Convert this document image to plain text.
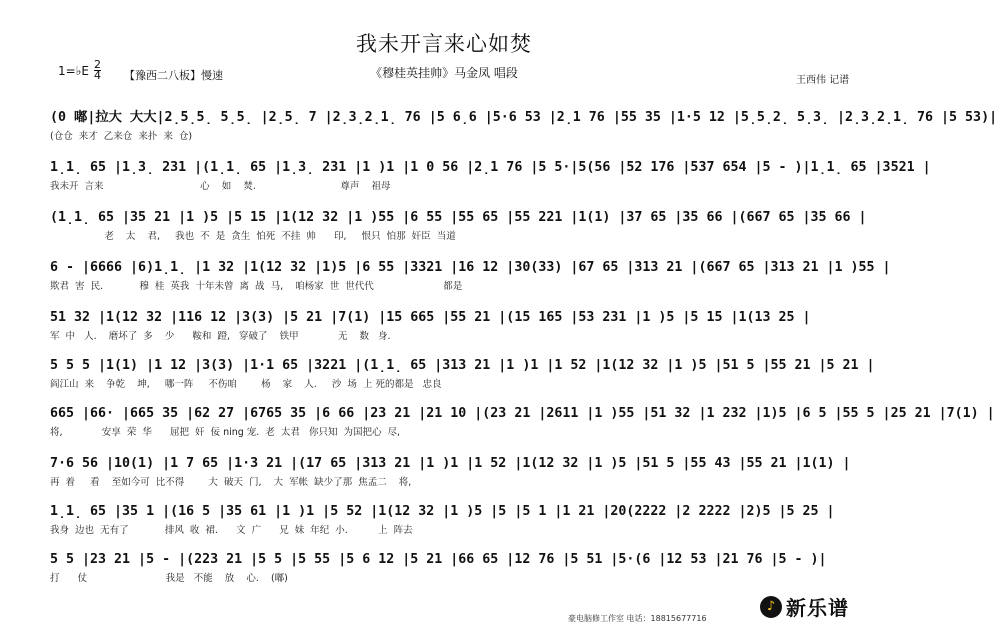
我未开言来心如焚
《穆桂英挂帅》马金凤 唱段
1=♭E $\frac{2}{4}$ 【豫西二八板】慢速	王西伟 记谱
(0 嘟|拉大 大大|2̣5̣5̣ 5̣5̣ |2̣5̣ 7 |2̣3̣2̣1̣ 76 |5 6̣6 |5·6 53 |2̣1 76 |55 35 |1·5 12 |5̣5̣2̣ 5̣3̣ |2̣3̣2̣1̣ 76 |5 53)|
(仓仓  来才  乙来仓  来扑  来  仓)
1̣1̣ 65 |1̣3̣ 231 |(1̣1̣ 65 |1̣3̣ 231 |1 )1 |1 0 56 |2̣1 76 |5 5·|5(56 |52 176 |537 654 |5 - )|1̣1̣ 65 |3521 |
我未开  言来                                心    如    焚.                            尊声    祖母
(1̣1̣ 65 |35 21 |1 )5 |5 15 |1(12 32 |1 )55 |6 55 |55 65 |55 221 |1(1) |37 65 |35 66 |(667 65 |35 66 |
老    太    君,     我也  不  是  贪生  怕死  不挂  帅      印,     恨只  怕那  奸臣  当道
6 - |6666 |6)1̣1̣ |1 32 |1(12 32 |1)5 |6 55 |3321 |16 12 |30(33) |67 65 |313 21 |(667 65 |313 21 |1 )55 |
欺君  害  民.            穆  桂  英我  十年未曾  离  战  马,    咱杨家  世  世代代                       都是
51 32 |1(12 32 |116 12 |3(3) |5 21 |7(1) |15 665 |55 21 |(15 165 |53 231 |1 )5 |5 15 |1(13 25 |
军  中   人.    磨坏了  多    少      鞍和  蹬,   穿破了    铁甲             无    数   身.
5 5 5 |1(1) |1 12 |3(3) |1·1 65 |3221 |(1̣1̣ 65 |313 21 |1 )1 |1 52 |1(12 32 |1 )5 |51 5 |55 21 |5 21 |
阎江山  来    争乾    坤,     哪一阵     不伤咱        杨    家    人.     沙  场  上 死的都是   忠良
665 |66· |665 35 |62 27 |6765 35 |6 66 |23 21 |21 10 |(23 21 |2611 |1 )55 |51 32 |1 232 |1)5 |6 5 |55 5 |25 21 |7(1) |
将,             安享  荣  华      屈把  奸  佞 ning 宠.  老  太君   你只知  为国把心  尽,
7·6 56 |10(1) |1 7 65 |1·3 21 |(17 65 |313 21 |1 )1 |1 52 |1(12 32 |1 )5 |51 5 |55 43 |55 21 |1(1) |
再  着     看    至如今可  比不得        大  破天  门,    大  军帐  缺少了那  焦孟二    将,
1̣1̣ 65 |35 1 |(16 5 |35 61 |1 )1 |5 52 |1(12 32 |1 )5 |5 |5 1 |1 21 |20(2222 |2 2222 |2)5 |5 25 |
我身  边也  无有了            排风  收  裙.      文  广      兄  妹  年纪  小.          上  阵去
5 5 |23 21 |5 - |(223 21 |5 5 |5 55 |5 6 12 |5 21 |66 65 |12 76 |5 51 |5·(6 |12 53 |21 76 |5 - )|
打      仗                          我是   不能    放    心.    (嘟)
豪电脑修工作室 电话：18815677716
♪ 新乐谱
